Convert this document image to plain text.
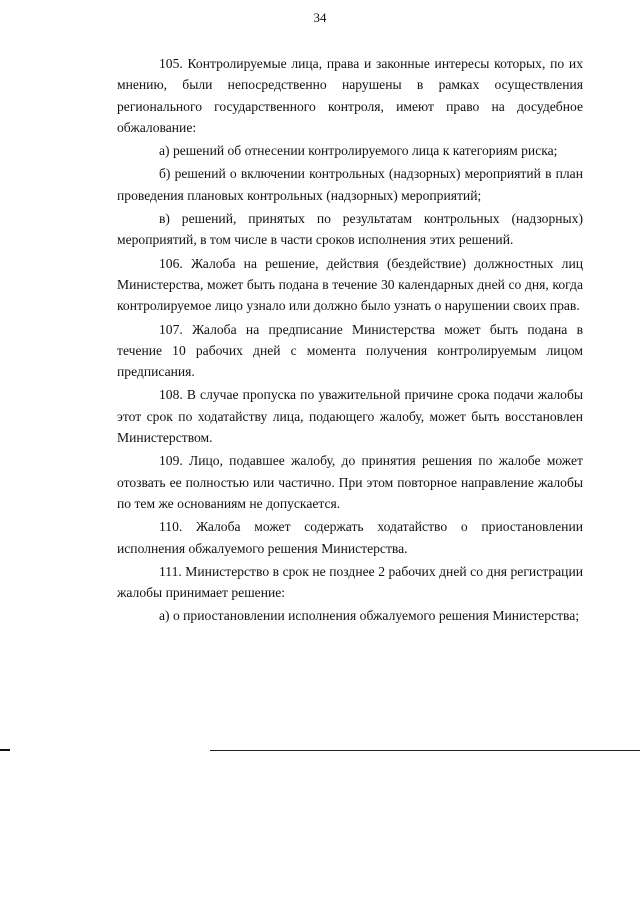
34

105. Контролируемые лица, права и законные интересы которых, по их мнению, были непосредственно нарушены в рамках осуществления регионального государственного контроля, имеют право на досудебное обжалование:

а) решений об отнесении контролируемого лица к категориям риска;

б) решений о включении контрольных (надзорных) мероприятий в план проведения плановых контрольных (надзорных) мероприятий;

в) решений, принятых по результатам контрольных (надзорных) мероприятий, в том числе в части сроков исполнения этих решений.

106. Жалоба на решение, действия (бездействие) должностных лиц Министерства, может быть подана в течение 30 календарных дней со дня, когда контролируемое лицо узнало или должно было узнать о нарушении своих прав.

107. Жалоба на предписание Министерства может быть подана в течение 10 рабочих дней с момента получения контролируемым лицом предписания.

108. В случае пропуска по уважительной причине срока подачи жалобы этот срок по ходатайству лица, подающего жалобу, может быть восстановлен Министерством.

109. Лицо, подавшее жалобу, до принятия решения по жалобе может отозвать ее полностью или частично. При этом повторное направление жалобы по тем же основаниям не допускается.

110. Жалоба может содержать ходатайство о приостановлении исполнения обжалуемого решения Министерства.

111. Министерство в срок не позднее 2 рабочих дней со дня регистрации жалобы принимает решение:

а) о приостановлении исполнения обжалуемого решения Министерства;
